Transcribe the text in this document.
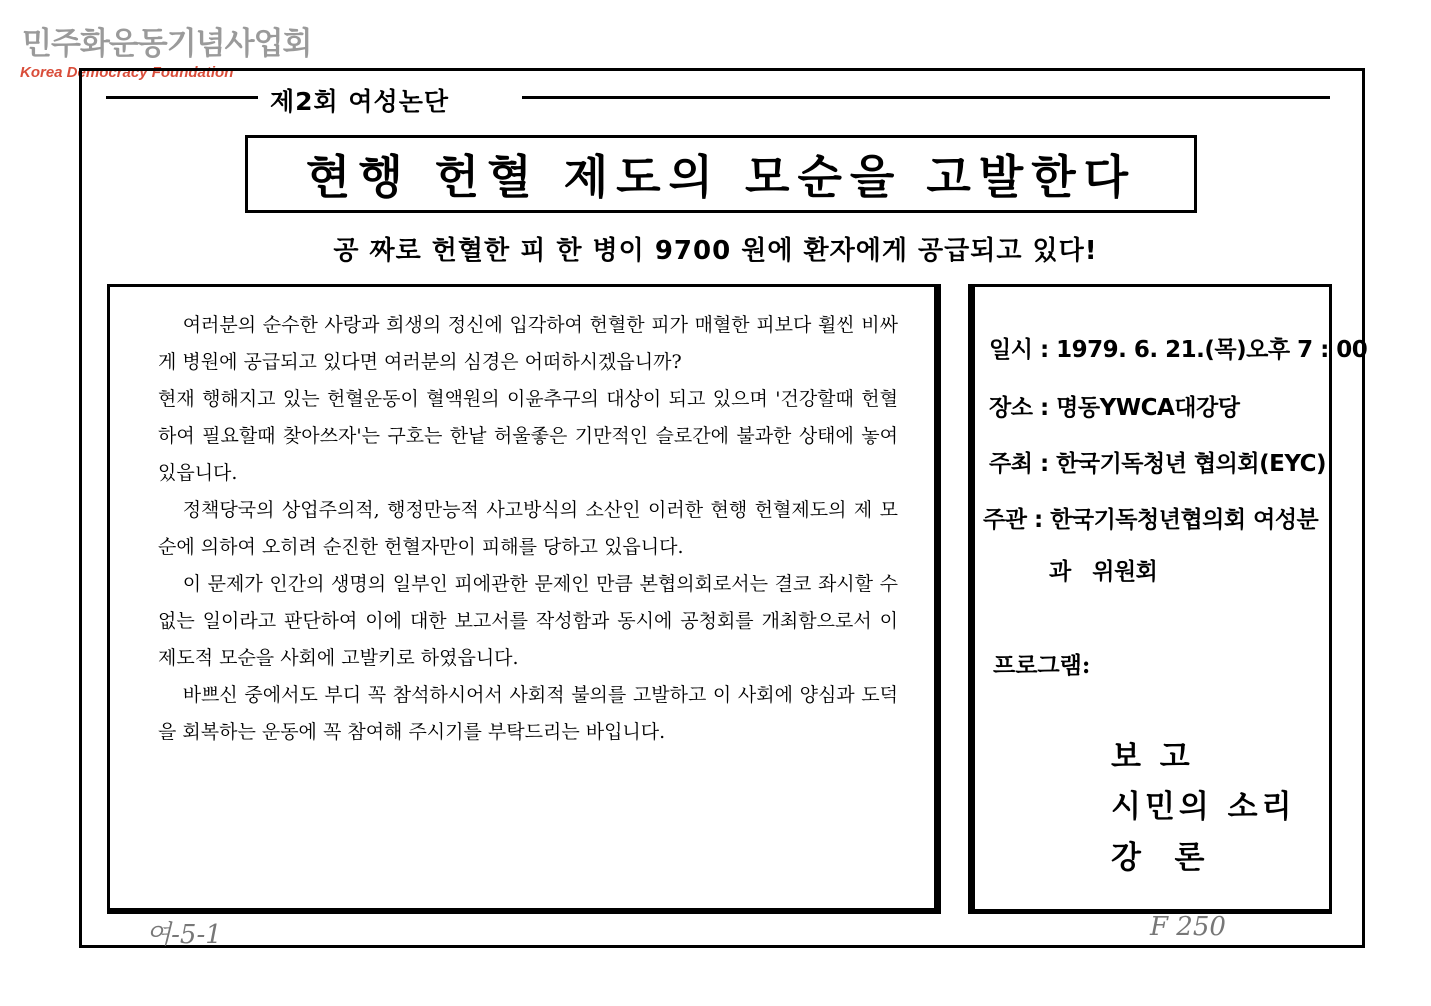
민주화운동기념사업회
Korea Democracy Foundation
제2회 여성논단
현행 헌혈 제도의 모순을 고발한다
공 짜로 헌혈한 피 한 병이 9700 원에 환자에게 공급되고 있다!

여러분의 순수한 사랑과 희생의 정신에 입각하여 헌혈한 피가 매혈한 피보다 휠씬 비싸게 병원에 공급되고 있다면 여러분의 심경은 어떠하시겠읍니까?

현재 행해지고 있는 헌혈운동이 혈액원의 이윤추구의 대상이 되고 있으며 '건강할때 헌혈하여 필요할때 찾아쓰자'는 구호는 한낱 허울좋은 기만적인 슬로간에 불과한 상태에 놓여있읍니다.

정책당국의 상업주의적, 행정만능적 사고방식의 소산인 이러한 현행 헌혈제도의 제 모순에 의하여 오히려 순진한 헌혈자만이 피해를 당하고 있읍니다.

이 문제가 인간의 생명의 일부인 피에관한 문제인 만큼 본협의회로서는 결코 좌시할 수 없는 일이라고 판단하여 이에 대한 보고서를 작성함과 동시에 공청회를 개최함으로서 이 제도적 모순을 사회에 고발키로 하였읍니다.

바쁘신 중에서도 부디 꼭 참석하시어서 사회적 불의를 고발하고 이 사회에 양심과 도덕을 회복하는 운동에 꼭 참여해 주시기를 부탁드리는 바입니다.

일시 : 1979. 6. 21.(목)오후 7 : 00
장소 : 명동YWCA대강당
주최 : 한국기독청년 협의회(EYC)
주관 : 한국기독청년협의회 여성분
과 위원회
프로그램:
보 고
시민의 소리
강  론
여-5-1	F 250
